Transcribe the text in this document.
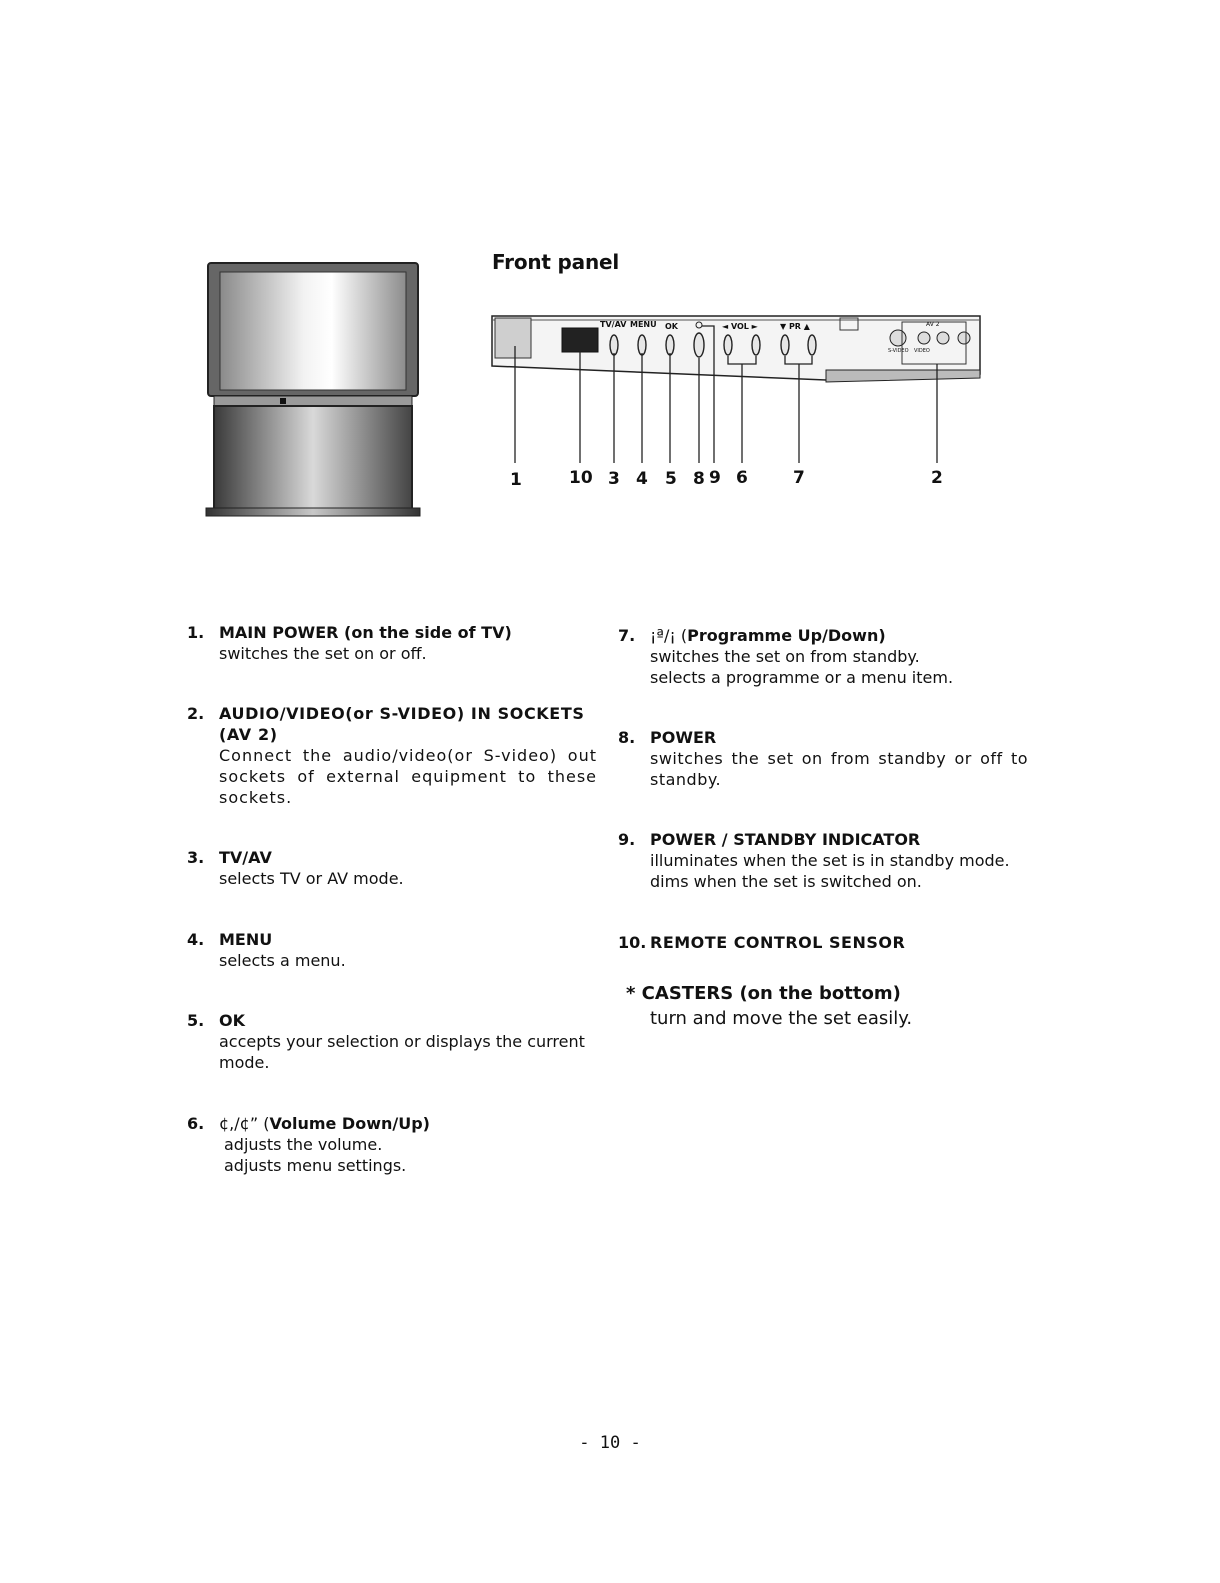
Front panel
TV/AV MENU OK	◄ VOL ►	▼ PR ▲	AV 2
S-VIDEO VIDEO
1	10 3 4 5 8 9 6	7	2
1. MAIN POWER (on the side of TV)
switches the set on or off.
2. AUDIO/VIDEO(or S-VIDEO) IN SOCKETS (AV 2)
Connect the audio/video(or S-video) out sockets of external equipment to these sockets.
3. TV/AV
selects TV or AV mode.
4. MENU
selects a menu.
5. OK
accepts your selection or displays the current mode.
6. ¢,/¢” (Volume Down/Up)
adjusts the volume.
adjusts menu settings.
7. ¡ª/¡ (Programme Up/Down)
switches the set on from standby.
selects a programme or a menu item.
8. POWER
switches the set on from standby or off to standby.
9. POWER / STANDBY INDICATOR
illuminates when the set is in standby mode.
dims when the set is switched on.
10. REMOTE CONTROL SENSOR
* CASTERS (on the bottom)
turn and move the set easily.
- 10 -
